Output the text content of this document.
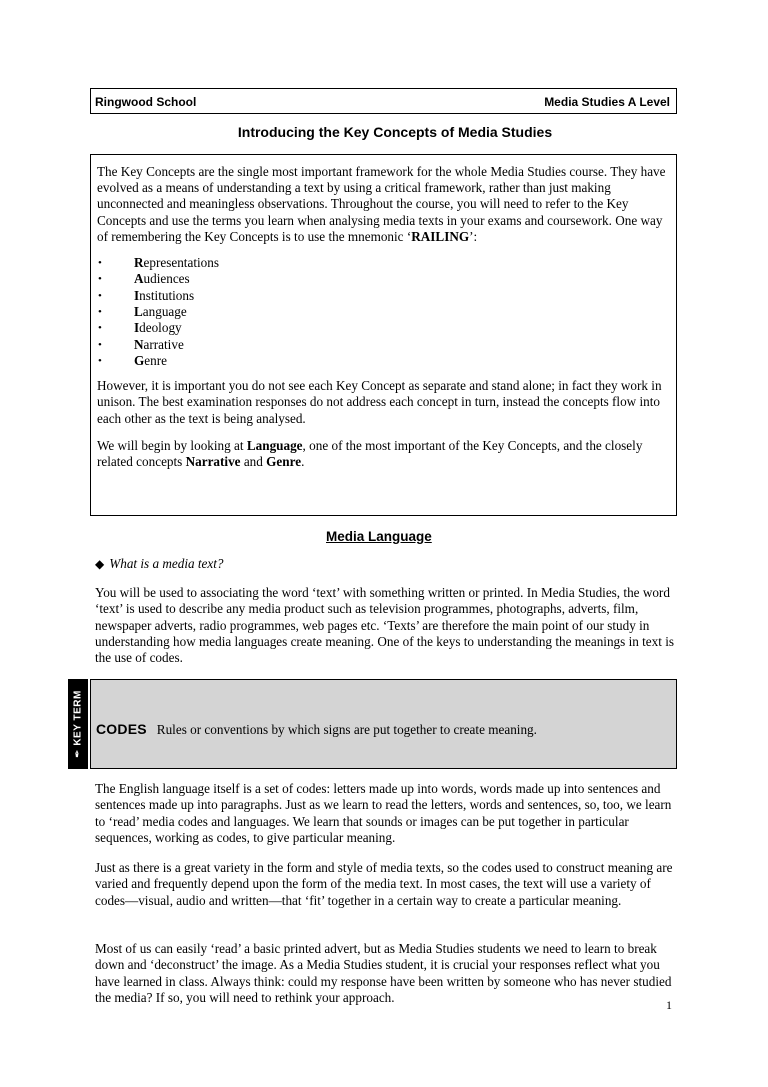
Ringwood School	Media Studies A Level
Introducing the Key Concepts of Media Studies

The Key Concepts are the single most important framework for the whole Media Studies course. They have evolved as a means of understanding a text by using a critical framework, rather than just making unconnected and meaningless observations. Throughout the course, you will need to refer to the Key Concepts and use the terms you learn when analysing media texts in your exams and coursework. One way of remembering the Key Concepts is to use the mnemonic ‘RAILING’:

• Representations
• Audiences
• Institutions
• Language
• Ideology
• Narrative
• Genre

However, it is important you do not see each Key Concept as separate and stand alone; in fact they work in unison. The best examination responses do not address each concept in turn, instead the concepts flow into each other as the text is being analysed.

We will begin by looking at Language, one of the most important of the Key Concepts, and the closely related concepts Narrative and Genre.

Media Language
◆ What is a media text?

You will be used to associating the word ‘text’ with something written or printed. In Media Studies, the word ‘text’ is used to describe any media product such as television programmes, photographs, adverts, film, newspaper adverts, radio programmes, web pages etc. ‘Texts’ are therefore the main point of our study in understanding how media languages create meaning. One of the keys to understanding the meanings in text is the use of codes.

✒ KEY TERM CODES Rules or conventions by which signs are put together to create meaning.

The English language itself is a set of codes: letters made up into words, words made up into sentences and sentences made up into paragraphs. Just as we learn to read the letters, words and sentences, so, too, we learn to ‘read’ media codes and languages. We learn that sounds or images can be put together in particular sequences, working as codes, to give particular meaning.

Just as there is a great variety in the form and style of media texts, so the codes used to construct meaning are varied and frequently depend upon the form of the media text. In most cases, the text will use a variety of codes—visual, audio and written—that ‘fit’ together in a certain way to create a particular meaning.

Most of us can easily ‘read’ a basic printed advert, but as Media Studies students we need to learn to break down and ‘deconstruct’ the image. As a Media Studies student, it is crucial your responses reflect what you have learned in class. Always think: could my response have been written by someone who has never studied the media? If so, you will need to rethink your approach.

1
